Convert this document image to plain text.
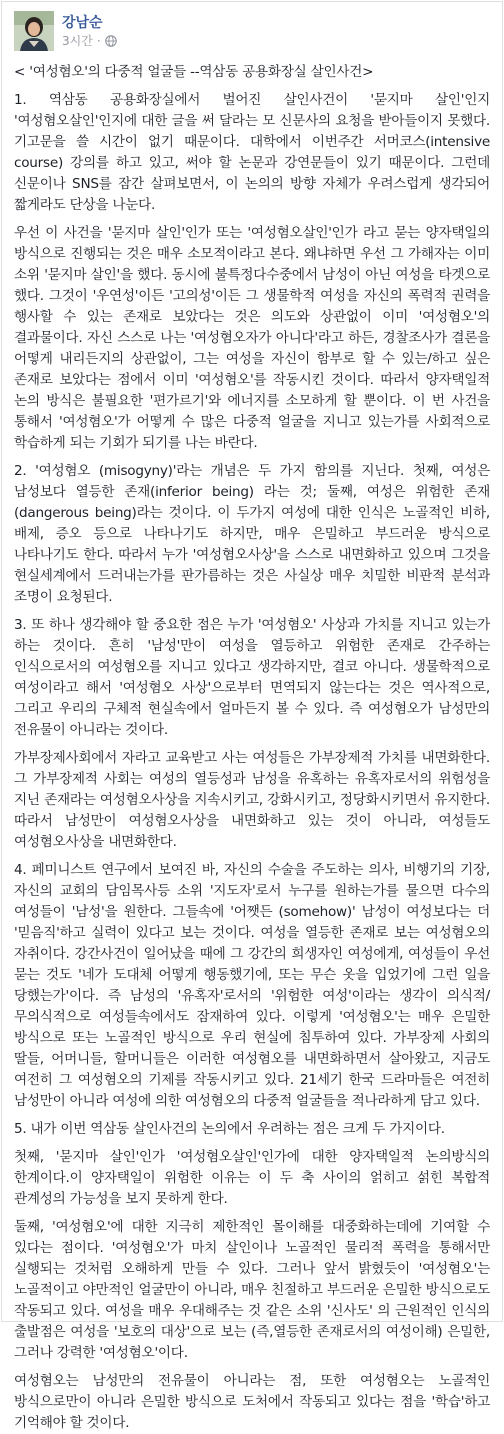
강남순
3시간 ·

< '여성혐오'의 다중적 얼굴들 --역삼동 공용화장실 살인사건>

1. 역삼동 공용화장실에서 벌어진 살인사건이 '묻지마 살인'인지 '여성혐오살인'인지에 대한 글을 써 달라는 모 신문사의 요청을 받아들이지 못했다. 기고문을 쓸 시간이 없기 때문이다. 대학에서 이번주간 서머코스(intensive course) 강의를 하고 있고, 써야 할 논문과 강연문들이 있기 때문이다. 그런데 신문이나 SNS를 잠간 살펴보면서, 이 논의의 방향 자체가 우려스럽게 생각되어 짧게라도 단상을 나눈다.

우선 이 사건을 '묻지마 살인'인가 또는 '여성혐오살인'인가 라고 묻는 양자택일의 방식으로 진행되는 것은 매우 소모적이라고 본다. 왜냐하면 우선 그 가해자는 이미 소위 '묻지마 살인'을 했다. 동시에 불특정다수중에서 남성이 아닌 여성을 타겟으로 했다. 그것이 '우연성'이든 '고의성'이든 그 생물학적 여성을 자신의 폭력적 권력을 행사할 수 있는 존재로 보았다는 것은 의도와 상관없이 이미 '여성혐오'의 결과물이다. 자신 스스로 나는 '여성혐오자가 아니다'라고 하든, 경찰조사가 결론을 어떻게 내리든지의 상관없이, 그는 여성을 자신이 함부로 할 수 있는/하고 싶은 존재로 보았다는 점에서 이미 '여성혐오'를 작동시킨 것이다. 따라서 양자택일적 논의 방식은 불필요한 '편가르기'와 에너지를 소모하게 할 뿐이다. 이 번 사건을 통해서 '여성혐오'가 어떻게 수 많은 다중적 얼굴을 지니고 있는가를 사회적으로 학습하게 되는 기회가 되기를 나는 바란다.

2. '여성혐오 (misogyny)'라는 개념은 두 가지 함의를 지닌다. 첫째, 여성은 남성보다 열등한 존재(inferior being) 라는 것; 둘째, 여성은 위험한 존재(dangerous being)라는 것이다. 이 두가지 여성에 대한 인식은 노골적인 비하, 배제, 증오 등으로 나타나기도 하지만, 매우 은밀하고 부드러운 방식으로 나타나기도 한다. 따라서 누가 '여성혐오사상'을 스스로 내면화하고 있으며 그것을 현실세계에서 드러내는가를 판가름하는 것은 사실상 매우 치밀한 비판적 분석과 조명이 요청된다.

3. 또 하나 생각해야 할 중요한 점은 누가 '여성혐오' 사상과 가치를 지니고 있는가 하는 것이다. 흔히 '남성'만이 여성을 열등하고 위험한 존재로 간주하는 인식으로서의 여성혐오를 지니고 있다고 생각하지만, 결코 아니다. 생물학적으로 여성이라고 해서 '여성혐오 사상'으로부터 면역되지 않는다는 것은 역사적으로, 그리고 우리의 구체적 현실속에서 얼마든지 볼 수 있다. 즉 여성혐오가 남성만의 전유물이 아니라는 것이다.

가부장제사회에서 자라고 교육받고 사는 여성들은 가부장제적 가치를 내면화한다. 그 가부장제적 사회는 여성의 열등성과 남성을 유혹하는 유혹자로서의 위험성을 지닌 존재라는 여성혐오사상을 지속시키고, 강화시키고, 정당화시키면서 유지한다. 따라서 남성만이 여성혐오사상을 내면화하고 있는 것이 아니라, 여성들도 여성혐오사상을 내면화한다.

4. 페미니스트 연구에서 보여진 바, 자신의 수술을 주도하는 의사, 비행기의 기장, 자신의 교회의 담임목사등 소위 '지도자'로서 누구를 원하는가를 물으면 다수의 여성들이 '남성'을 원한다. 그들속에 '어쨋든 (somehow)' 남성이 여성보다는 더 '믿음직'하고 실력이 있다고 보는 것이다. 여성을 열등한 존재로 보는 여성혐오의 자취이다. 강간사건이 일어났을 때에 그 강간의 희생자인 여성에게, 여성들이 우선 묻는 것도 '네가 도대체 어떻게 행동했기에, 또는 무슨 옷을 입었기에 그런 일을 당했는가'이다. 즉 남성의 '유혹자'로서의 '위험한 여성'이라는 생각이 의식적/무의식적으로 여성들속에서도 잠재하여 있다. 이렇게 '여성혐오'는 매우 은밀한 방식으로 또는 노골적인 방식으로 우리 현실에 침투하여 있다. 가부장제 사회의 딸들, 어머니들, 할머니들은 이러한 여성혐오를 내면화하면서 살아왔고, 지금도 여전히 그 여성혐오의 기제를 작동시키고 있다. 21세기 한국 드라마들은 여전히 남성만이 아니라 여성에 의한 여성혐오의 다중적 얼굴들을 적나라하게 담고 있다.

5. 내가 이번 역삼동 살인사건의 논의에서 우려하는 점은 크게 두 가지이다.

첫째, '묻지마 살인'인가 '여성혐오살인'인가에 대한 양자택일적 논의방식의 한계이다.이 양자택일이 위험한 이유는 이 두 축 사이의 얽히고 섥힌 복합적 관계성의 가능성을 보지 못하게 한다.

둘째, '여성혐오'에 대한 지극히 제한적인 몰이해를 대중화하는데에 기여할 수 있다는 점이다. '여성혐오'가 마치 살인이나 노골적인 물리적 폭력을 통해서만 실행되는 것처럼 오해하게 만들 수 있다. 그러나 앞서 밝혔듯이 '여성혐오'는 노골적이고 야만적인 얼굴만이 아니라, 매우 친절하고 부드러운 은밀한 방식으로도 작동되고 있다. 여성을 매우 우대해주는 것 같은 소위 '신사도' 의 근원적인 인식의 출발점은 여성을 '보호의 대상'으로 보는 (즉,열등한 존재로서의 여성이해) 은밀한, 그러나 강력한 '여성혐오'이다.

여성혐오는 남성만의 전유물이 아니라는 점, 또한 여성혐오는 노골적인 방식으로만이 아니라 은밀한 방식으로 도처에서 작동되고 있다는 점을 '학습'하고 기억해야 할 것이다.
